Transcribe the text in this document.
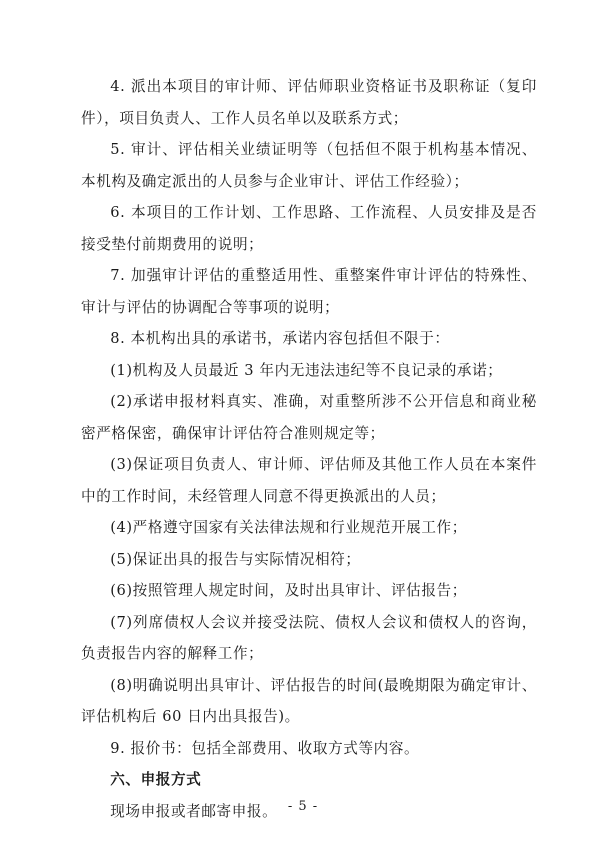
4. 派出本项目的审计师、评估师职业资格证书及职称证（复印件），项目负责人、工作人员名单以及联系方式；

5. 审计、评估相关业绩证明等（包括但不限于机构基本情况、本机构及确定派出的人员参与企业审计、评估工作经验）；

6. 本项目的工作计划、工作思路、工作流程、人员安排及是否接受垫付前期费用的说明；

7. 加强审计评估的重整适用性、重整案件审计评估的特殊性、审计与评估的协调配合等事项的说明；

8. 本机构出具的承诺书，承诺内容包括但不限于：

(1)机构及人员最近 3 年内无违法违纪等不良记录的承诺；

(2)承诺申报材料真实、准确，对重整所涉不公开信息和商业秘密严格保密，确保审计评估符合准则规定等；

(3)保证项目负责人、审计师、评估师及其他工作人员在本案件中的工作时间，未经管理人同意不得更换派出的人员；

(4)严格遵守国家有关法律法规和行业规范开展工作；

(5)保证出具的报告与实际情况相符；

(6)按照管理人规定时间，及时出具审计、评估报告；

(7)列席债权人会议并接受法院、债权人会议和债权人的咨询，负责报告内容的解释工作；

(8)明确说明出具审计、评估报告的时间(最晚期限为确定审计、评估机构后 60 日内出具报告)。

9. 报价书：包括全部费用、收取方式等内容。

六、申报方式

现场申报或者邮寄申报。 - 5 -
